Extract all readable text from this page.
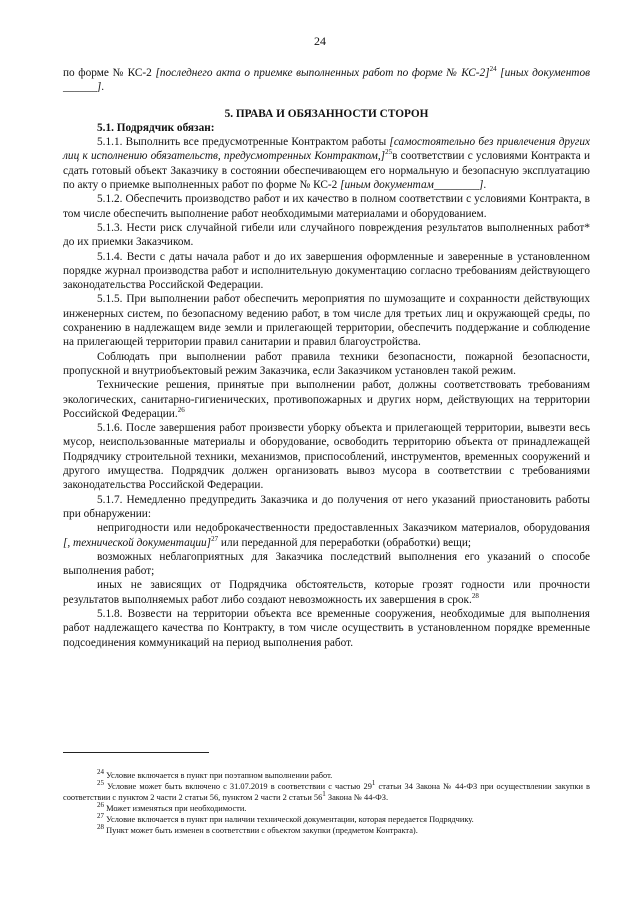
24

по форме № КС-2 [последнего акта о приемке выполненных работ по форме № КС-2]$^{24}$ [иных документов ______].

5. ПРАВА И ОБЯЗАННОСТИ СТОРОН

5.1. Подрядчик обязан:

5.1.1. Выполнить все предусмотренные Контрактом работы [самостоятельно без привлечения других лиц к исполнению обязательств, предусмотренных Контрактом,]$^{25}$в соответствии с условиями Контракта и сдать готовый объект Заказчику в состоянии обеспечивающем его нормальную и безопасную эксплуатацию по акту о приемке выполненных работ по форме № КС-2 [иным документам________].

5.1.2. Обеспечить производство работ и их качество в полном соответствии с условиями Контракта, в том числе обеспечить выполнение работ необходимыми материалами и оборудованием.

5.1.3. Нести риск случайной гибели или случайного повреждения результатов выполненных работ* до их приемки Заказчиком.

5.1.4. Вести с даты начала работ и до их завершения оформленные и заверенные в установленном порядке журнал производства работ и исполнительную документацию согласно требованиям действующего законодательства Российской Федерации.

5.1.5. При выполнении работ обеспечить мероприятия по шумозащите и сохранности действующих инженерных систем, по безопасному ведению работ, в том числе для третьих лиц и окружающей среды, по сохранению в надлежащем виде земли и прилегающей территории, обеспечить поддержание и соблюдение на прилегающей территории правил санитарии и правил благоустройства.

Соблюдать при выполнении работ правила техники безопасности, пожарной безопасности, пропускной и внутриобъектовый режим Заказчика, если Заказчиком установлен такой режим.

Технические решения, принятые при выполнении работ, должны соответствовать требованиям экологических, санитарно-гигиенических, противопожарных и других норм, действующих на территории Российской Федерации.$^{26}$

5.1.6. После завершения работ произвести уборку объекта и прилегающей территории, вывезти весь мусор, неиспользованные материалы и оборудование, освободить территорию объекта от принадлежащей Подрядчику строительной техники, механизмов, приспособлений, инструментов, временных сооружений и другого имущества. Подрядчик должен организовать вывоз мусора в соответствии с требованиями законодательства Российской Федерации.

5.1.7. Немедленно предупредить Заказчика и до получения от него указаний приостановить работы при обнаружении:

непригодности или недоброкачественности предоставленных Заказчиком материалов, оборудования [, технической документации]$^{27}$ или переданной для переработки (обработки) вещи;

возможных неблагоприятных для Заказчика последствий выполнения его указаний о способе выполнения работ;

иных не зависящих от Подрядчика обстоятельств, которые грозят годности или прочности результатов выполняемых работ либо создают невозможность их завершения в срок.$^{28}$

5.1.8. Возвести на территории объекта все временные сооружения, необходимые для выполнения работ надлежащего качества по Контракту, в том числе осуществить в установленном порядке временные подсоединения коммуникаций на период выполнения работ.

$^{24}$ Условие включается в пункт при поэтапном выполнении работ.

$^{25}$ Условие может быть включено с 31.07.2019 в соответствии с частью $29^1$ статьи 34 Закона № 44-ФЗ при осуществлении закупки в соответствии с пунктом 2 части 2 статьи 56, пунктом 2 части 2 статьи $56^1$ Закона № 44-ФЗ.

$^{26}$ Может изменяться при необходимости.

$^{27}$ Условие включается в пункт при наличии технической документации, которая передается Подрядчику.

$^{28}$ Пункт может быть изменен в соответствии с объектом закупки (предметом Контракта).
